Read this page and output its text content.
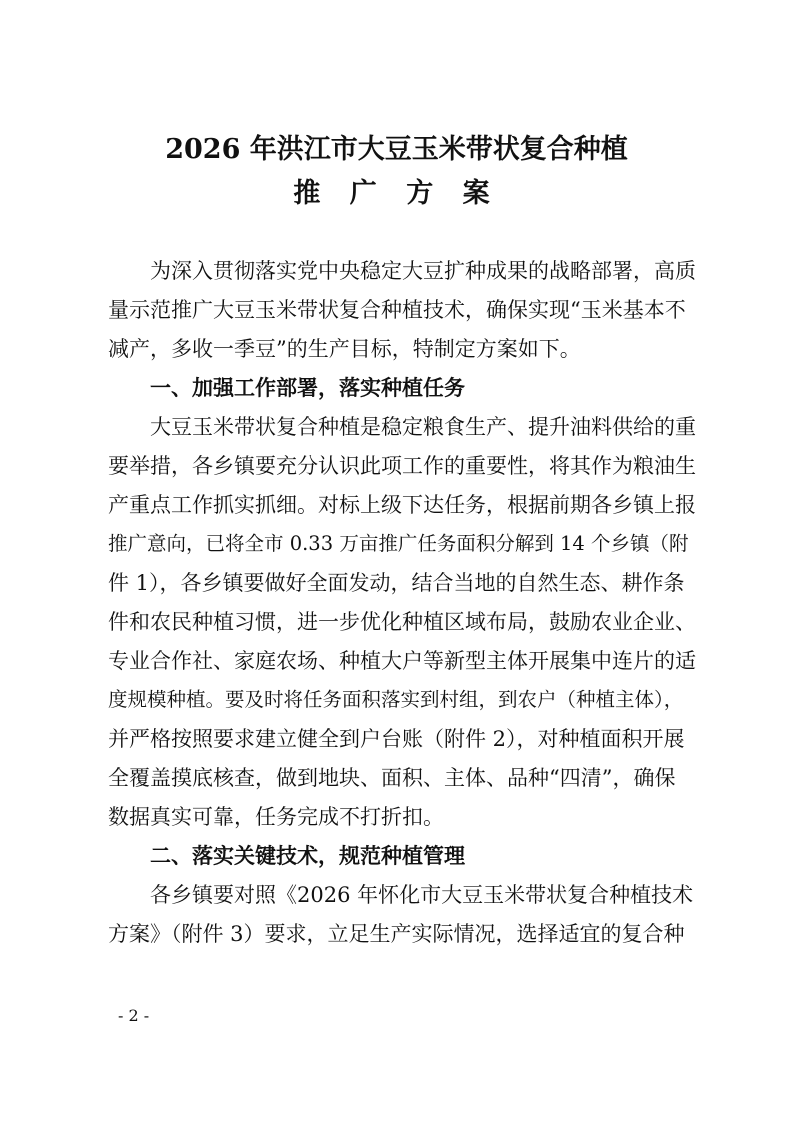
2026 年洪江市大豆玉米带状复合种植
推 广 方 案
为深入贯彻落实党中央稳定大豆扩种成果的战略部署，高质
量示范推广大豆玉米带状复合种植技术，确保实现“玉米基本不
减产，多收一季豆”的生产目标，特制定方案如下。
一、加强工作部署，落实种植任务
大豆玉米带状复合种植是稳定粮食生产、提升油料供给的重
要举措，各乡镇要充分认识此项工作的重要性，将其作为粮油生
产重点工作抓实抓细。对标上级下达任务，根据前期各乡镇上报
推广意向，已将全市 0.33 万亩推广任务面积分解到 14 个乡镇（附
件 1），各乡镇要做好全面发动，结合当地的自然生态、耕作条
件和农民种植习惯，进一步优化种植区域布局，鼓励农业企业、
专业合作社、家庭农场、种植大户等新型主体开展集中连片的适
度规模种植。要及时将任务面积落实到村组，到农户（种植主体），
并严格按照要求建立健全到户台账（附件 2），对种植面积开展
全覆盖摸底核查，做到地块、面积、主体、品种“四清”，确保
数据真实可靠，任务完成不打折扣。
二、落实关键技术，规范种植管理
各乡镇要对照《2026 年怀化市大豆玉米带状复合种植技术
方案》（附件 3）要求，立足生产实际情况，选择适宜的复合种
- 2 -
